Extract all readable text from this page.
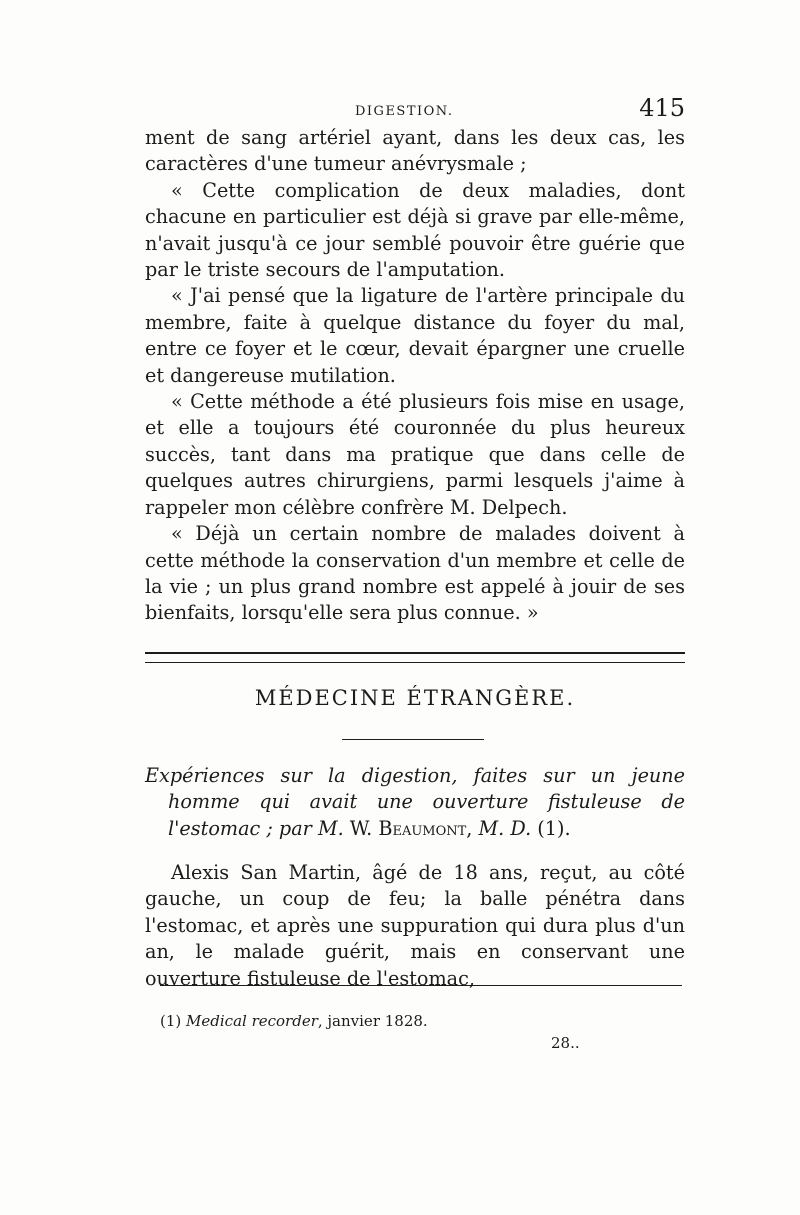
DIGESTION.	415

ment de sang artériel ayant, dans les deux cas, les caractères d'une tumeur anévrysmale ;

« Cette complication de deux maladies, dont chacune en particulier est déjà si grave par elle-même, n'avait jusqu'à ce jour semblé pouvoir être guérie que par le triste secours de l'amputation.

« J'ai pensé que la ligature de l'artère principale du membre, faite à quelque distance du foyer du mal, entre ce foyer et le cœur, devait épargner une cruelle et dangereuse mutilation.

« Cette méthode a été plusieurs fois mise en usage, et elle a toujours été couronnée du plus heureux succès, tant dans ma pratique que dans celle de quelques autres chirurgiens, parmi lesquels j'aime à rappeler mon célèbre confrère M. Delpech.

« Déjà un certain nombre de malades doivent à cette méthode la conservation d'un membre et celle de la vie ; un plus grand nombre est appelé à jouir de ses bienfaits, lorsqu'elle sera plus connue. »

MÉDECINE ÉTRANGÈRE.

Expériences sur la digestion, faites sur un jeune homme qui avait une ouverture fistuleuse de l'estomac ; par M. W. Beaumont, M. D. (1).

Alexis San Martin, âgé de 18 ans, reçut, au côté gauche, un coup de feu; la balle pénétra dans l'estomac, et après une suppuration qui dura plus d'un an, le malade guérit, mais en conservant une ouverture fistuleuse de l'estomac,

(1) Medical recorder, janvier 1828.
28..
